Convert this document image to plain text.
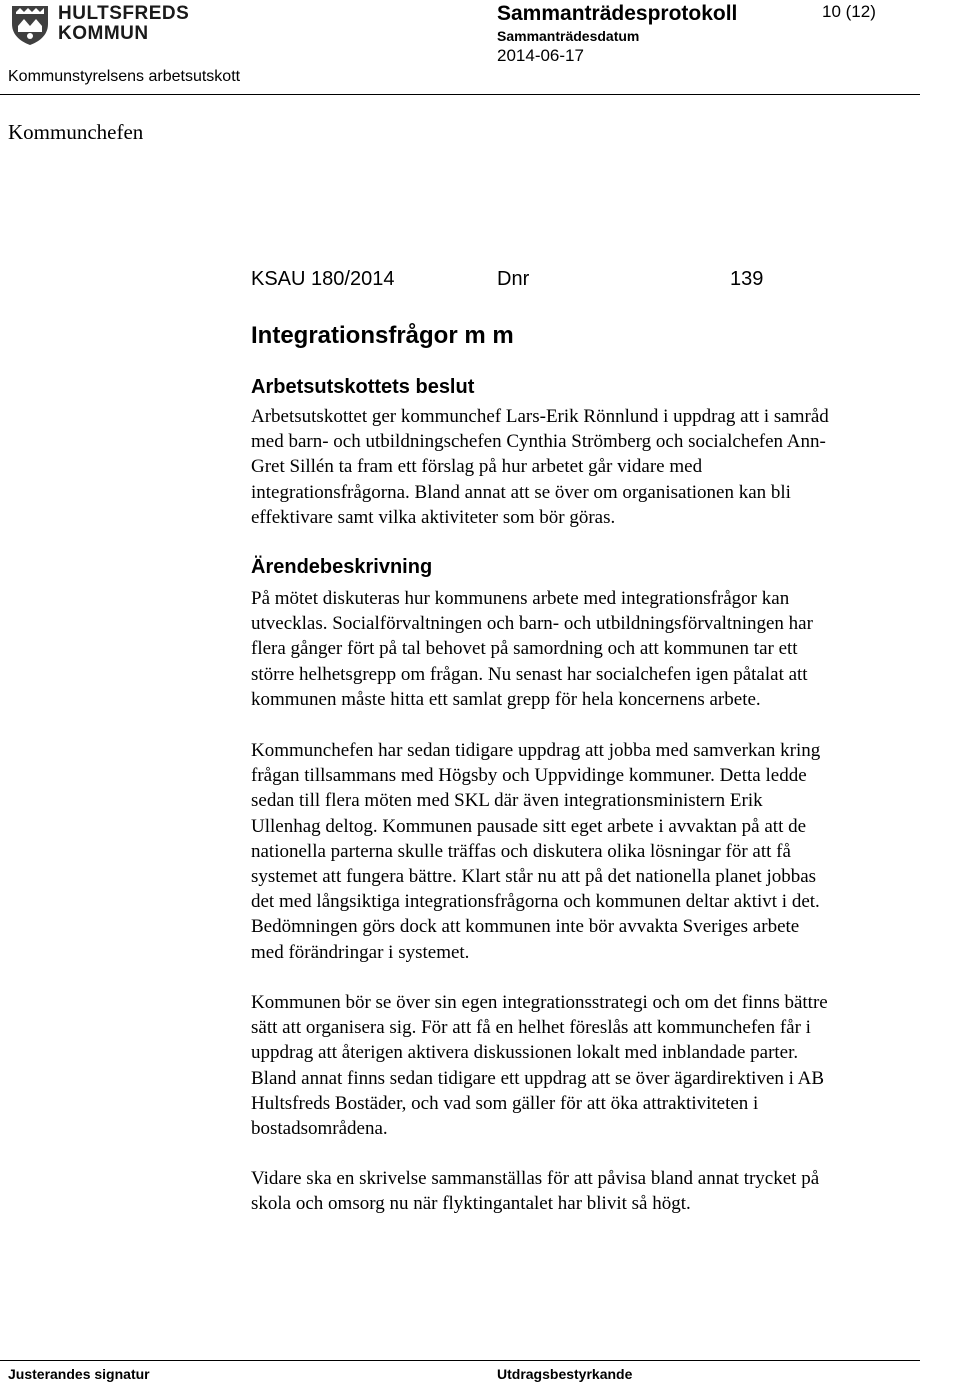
HULTSFREDS
KOMMUN
Sammanträdesprotokoll
Sammanträdesdatum
2014-06-17
10 (12)
Kommunstyrelsens arbetsutskott
Kommunchefen
KSAU 180/2014	Dnr	139
Integrationsfrågor m m
Arbetsutskottets beslut
Arbetsutskottet ger kommunchef Lars-Erik Rönnlund i uppdrag att i samråd
med barn- och utbildningschefen Cynthia Strömberg och socialchefen Ann-
Gret Sillén ta fram ett förslag på hur arbetet går vidare med
integrationsfrågorna. Bland annat att se över om organisationen kan bli
effektivare samt vilka aktiviteter som bör göras.
Ärendebeskrivning
På mötet diskuteras hur kommunens arbete med integrationsfrågor kan
utvecklas. Socialförvaltningen och barn- och utbildningsförvaltningen har
flera gånger fört på tal behovet på samordning och att kommunen tar ett
större helhetsgrepp om frågan. Nu senast har socialchefen igen påtalat att
kommunen måste hitta ett samlat grepp för hela koncernens arbete.
Kommunchefen har sedan tidigare uppdrag att jobba med samverkan kring
frågan tillsammans med Högsby och Uppvidinge kommuner. Detta ledde
sedan till flera möten med SKL där även integrationsministern Erik
Ullenhag deltog. Kommunen pausade sitt eget arbete i avvaktan på att de
nationella parterna skulle träffas och diskutera olika lösningar för att få
systemet att fungera bättre. Klart står nu att på det nationella planet jobbas
det med långsiktiga integrationsfrågorna och kommunen deltar aktivt i det.
Bedömningen görs dock att kommunen inte bör avvakta Sveriges arbete
med förändringar i systemet.
Kommunen bör se över sin egen integrationsstrategi och om det finns bättre
sätt att organisera sig. För att få en helhet föreslås att kommunchefen får i
uppdrag att återigen aktivera diskussionen lokalt med inblandade parter.
Bland annat finns sedan tidigare ett uppdrag att se över ägardirektiven i AB
Hultsfreds Bostäder, och vad som gäller för att öka attraktiviteten i
bostadsområdena.
Vidare ska en skrivelse sammanställas för att påvisa bland annat trycket på
skola och omsorg nu när flyktingantalet har blivit så högt.
Justerandes signatur	Utdragsbestyrkande
